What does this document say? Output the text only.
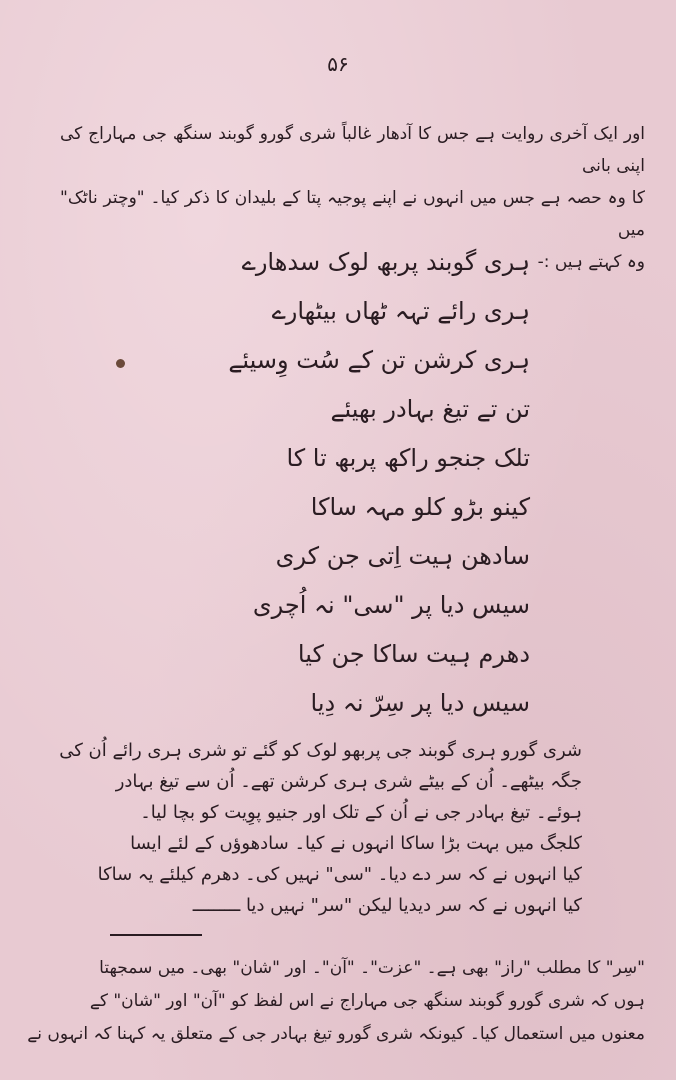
۵۶

اور ایک آخری روایت ہے جس کا آدھار غالباً شری گورو گوبند سنگھ جی مہاراج کی اپنی بانی

کا وہ حصہ ہے جس میں انہوں نے اپنے پوجیہ پتا کے بلیدان کا ذکر کیا۔ "وچتر ناٹک" میں

وہ کہتے ہیں :-

ہری گوبند پربھ لوک سدھارے
ہری رائے تہہ ٹھاں بیٹھارے
ہری کرشن تن کے سُت وِسیئے
تن تے تیغ بہادر بھیئے
تلک جنجو راکھ پربھ تا کا
کینو بڑو کلو مہہ ساکا
سادھن ہیت اِتی جن کری
سیس دیا پر "سی" نہ اُچری
دھرم ہیت ساکا جن کیا
سیس دیا پر سِرّ نہ دِیا
شری گورو ہری گوبند جی پربھو لوک کو گئے تو شری ہری رائے اُن کی
جگہ بیٹھے۔ اُن کے بیٹے شری ہری کرشن تھے۔ اُن سے تیغ بہادر
ہوئے۔ تیغ بہادر جی نے اُن کے تلک اور جنیو پوِیت کو بچا لیا۔
کلجگ میں بہت بڑا ساکا انہوں نے کیا۔ سادھوؤں کے لئے ایسا
کیا انہوں نے کہ سر دے دیا۔ "سی" نہیں کی۔ دھرم کیلئے یہ ساکا
کیا انہوں نے کہ سر دیدیا لیکن "سر" نہیں دیا ـــــــــ
"سِر" کا مطلب "راز" بھی ہے۔ "عزت"۔ "آن"۔ اور "شان" بھی۔ میں سمجھتا
ہوں کہ شری گورو گوبند سنگھ جی مہاراج نے اس لفظ کو "آن" اور "شان" کے
معنوں میں استعمال کیا۔ کیونکہ شری گورو تیغ بہادر جی کے متعلق یہ کہنا کہ انہوں نے
